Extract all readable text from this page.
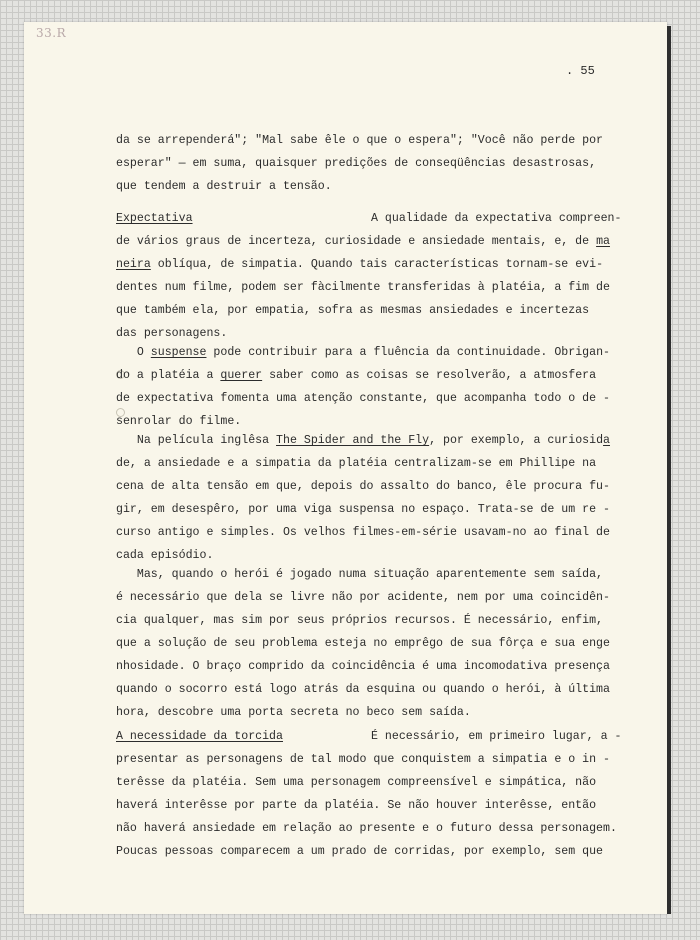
33.R
. 55
da se arrependerá"; "Mal sabe êle o que o espera"; "Você não perde por
esperar" — em suma, quaisquer predições de conseqüências desastrosas,
que tendem a destruir a tensão.
Expectativa	A qualidade da expectativa compreen-
de vários graus de incerteza, curiosidade e ansiedade mentais, e, de ma
neira oblíqua, de simpatia. Quando tais características tornam-se evi-
dentes num filme, podem ser fàcilmente transferidas à platéia, a fim de
que também ela, por empatia, sofra as mesmas ansiedades e incertezas
das personagens.
O suspense pode contribuir para a fluência da continuidade. Obrigan-
do a platéia a querer saber como as coisas se resolverão, a atmosfera
de expectativa fomenta uma atenção constante, que acompanha todo o de -
senrolar do filme.
Na película inglêsa The Spider and the Fly, por exemplo, a curiosida
de, a ansiedade e a simpatia da platéia centralizam-se em Phillipe na
cena de alta tensão em que, depois do assalto do banco, êle procura fu-
gir, em desespêro, por uma viga suspensa no espaço. Trata-se de um re -
curso antigo e simples. Os velhos filmes-em-série usavam-no ao final de
cada episódio.
Mas, quando o herói é jogado numa situação aparentemente sem saída,
é necessário que dela se livre não por acidente, nem por uma coincidên-
cia qualquer, mas sim por seus próprios recursos. É necessário, enfim,
que a solução de seu problema esteja no emprêgo de sua fôrça e sua enge
nhosidade. O braço comprido da coincidência é uma incomodativa presença
quando o socorro está logo atrás da esquina ou quando o herói, à última
hora, descobre uma porta secreta no beco sem saída.
A necessidade da torcida	É necessário, em primeiro lugar, a -
presentar as personagens de tal modo que conquistem a simpatia e o in -
terêsse da platéia. Sem uma personagem compreensível e simpática, não
haverá interêsse por parte da platéia. Se não houver interêsse, então
não haverá ansiedade em relação ao presente e o futuro dessa personagem.
Poucas pessoas comparecem a um prado de corridas, por exemplo, sem que
